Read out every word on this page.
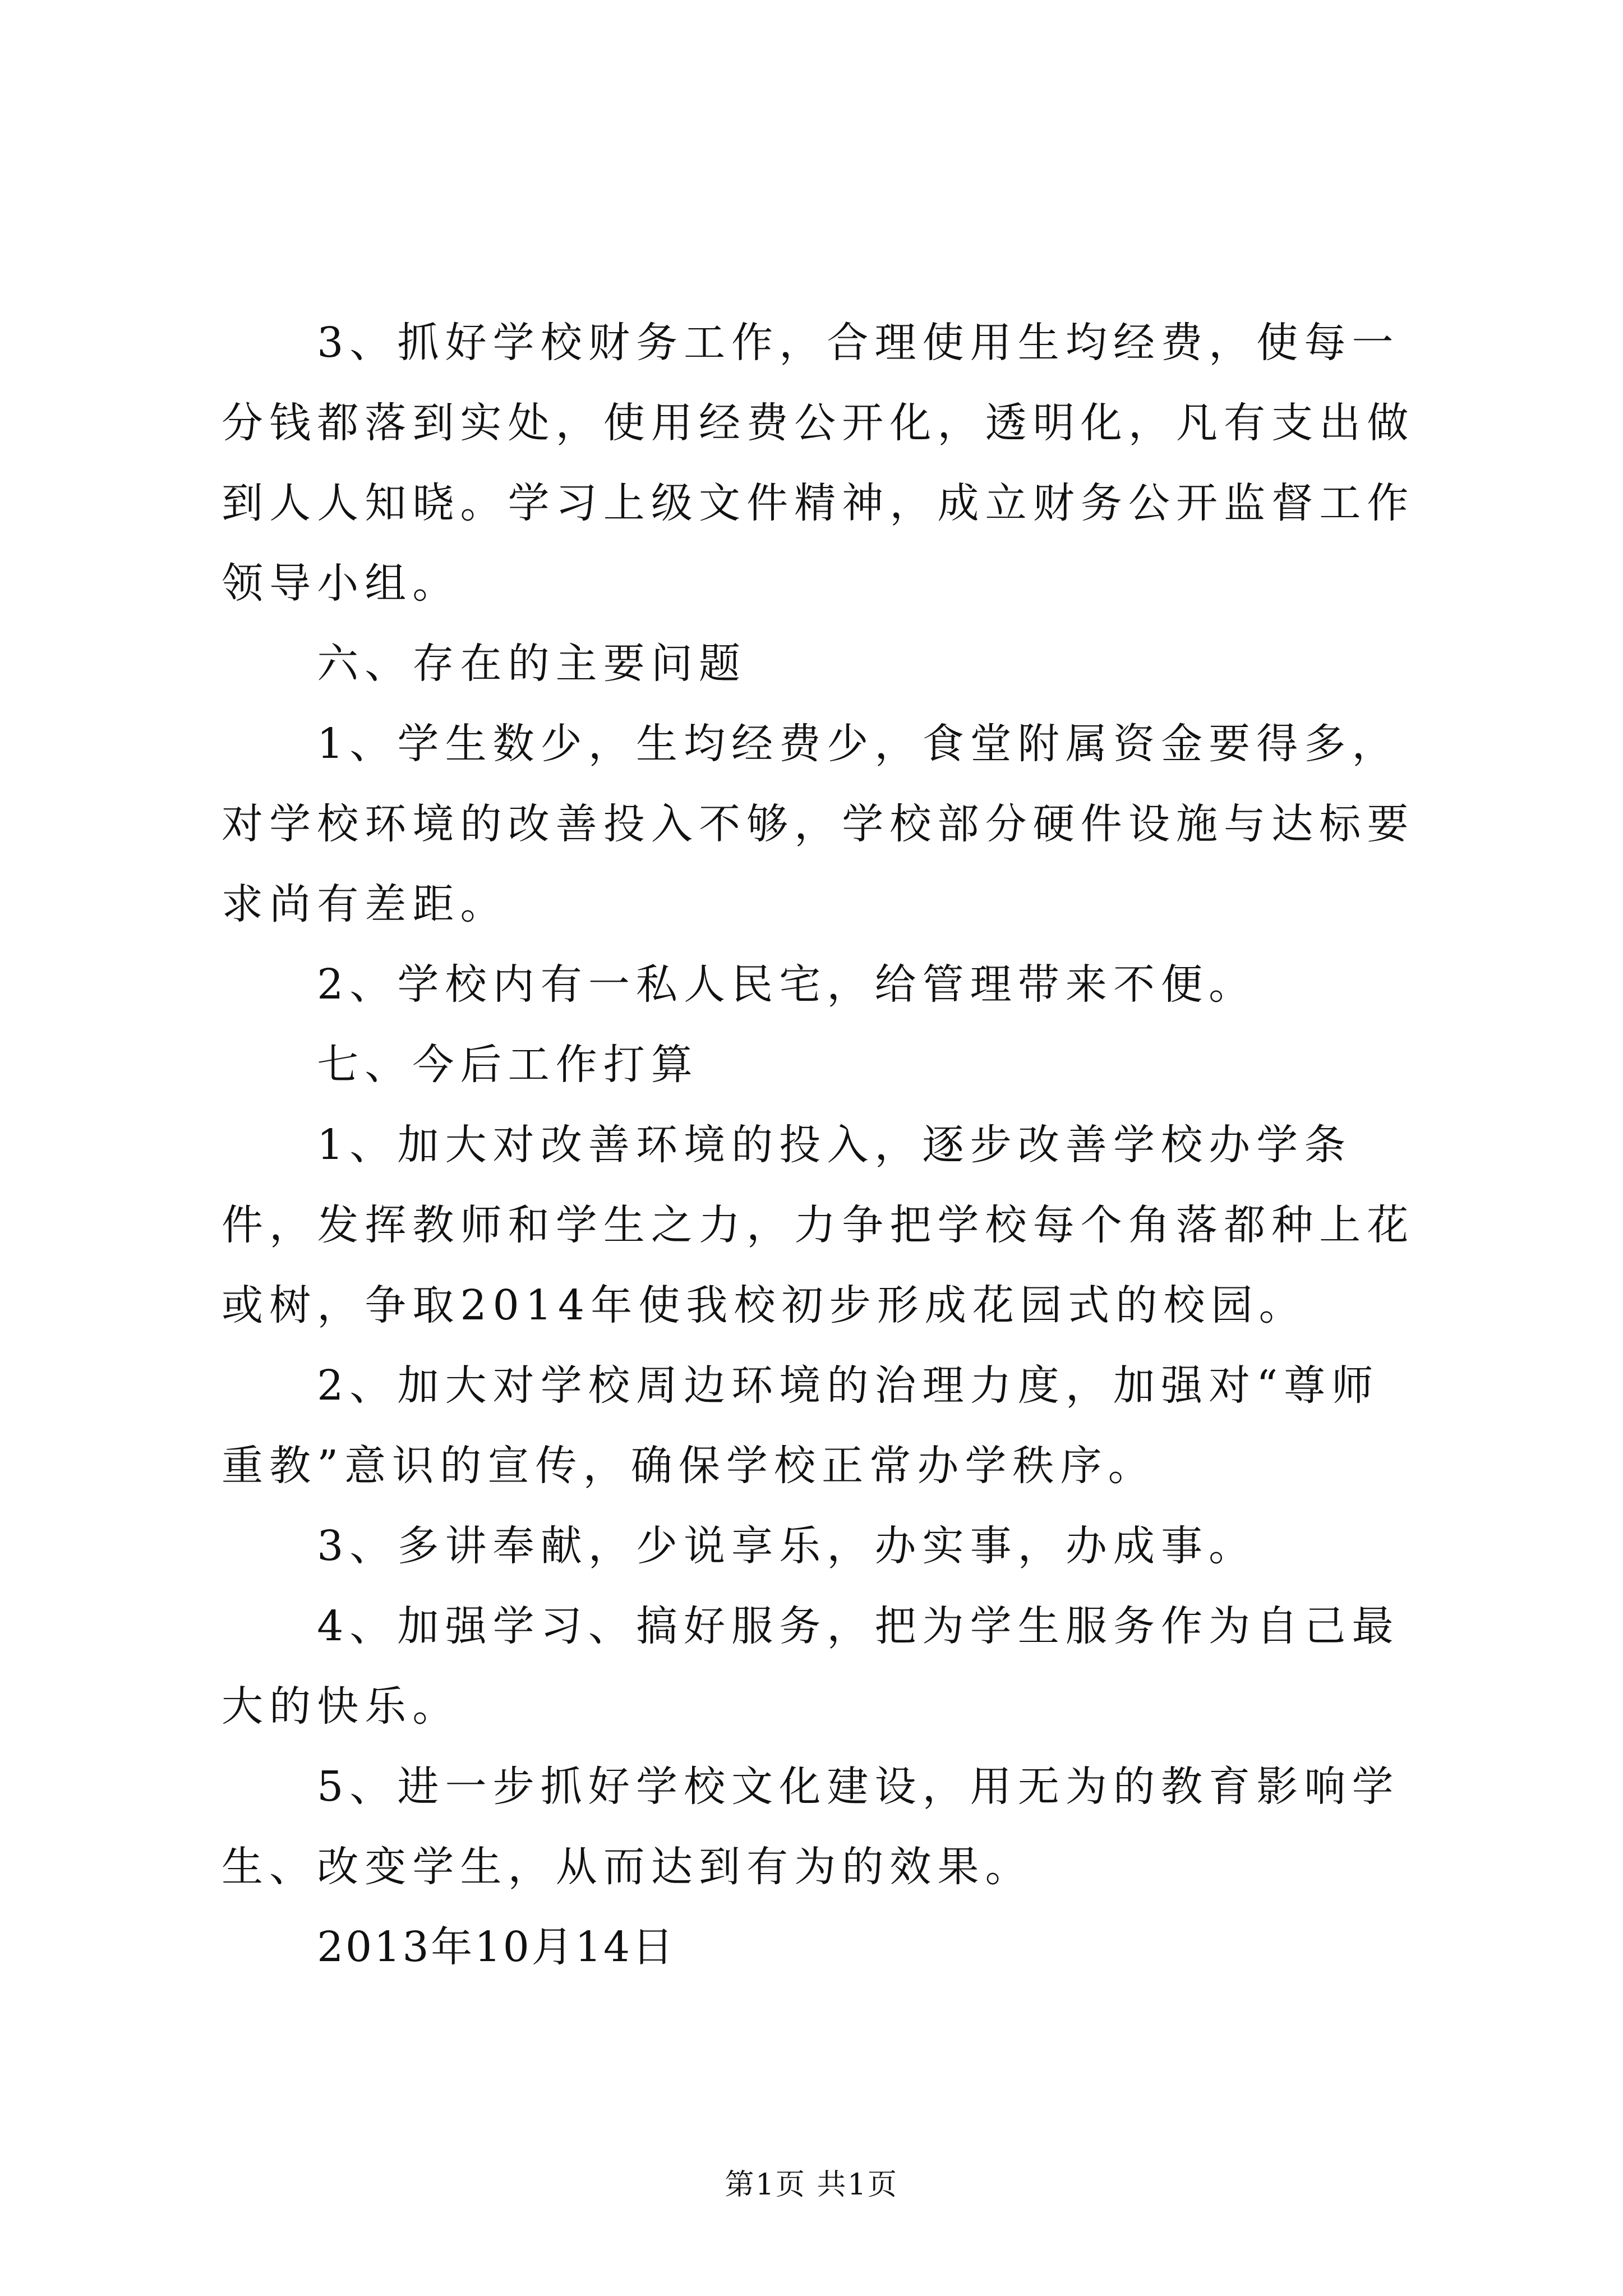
3、抓好学校财务工作，合理使用生均经费，使每一分钱都落到实处，使用经费公开化，透明化，凡有支出做到人人知晓。学习上级文件精神，成立财务公开监督工作领导小组。

六、存在的主要问题

1、学生数少，生均经费少，食堂附属资金要得多，对学校环境的改善投入不够，学校部分硬件设施与达标要求尚有差距。

2、学校内有一私人民宅，给管理带来不便。

七、今后工作打算

1、加大对改善环境的投入，逐步改善学校办学条件，发挥教师和学生之力，力争把学校每个角落都种上花或树，争取2014年使我校初步形成花园式的校园。

2、加大对学校周边环境的治理力度，加强对“尊师重教”意识的宣传，确保学校正常办学秩序。

3、多讲奉献，少说享乐，办实事，办成事。

4、加强学习、搞好服务，把为学生服务作为自己最大的快乐。

5、进一步抓好学校文化建设，用无为的教育影响学生、改变学生，从而达到有为的效果。

2013年10月14日

第1页 共1页
